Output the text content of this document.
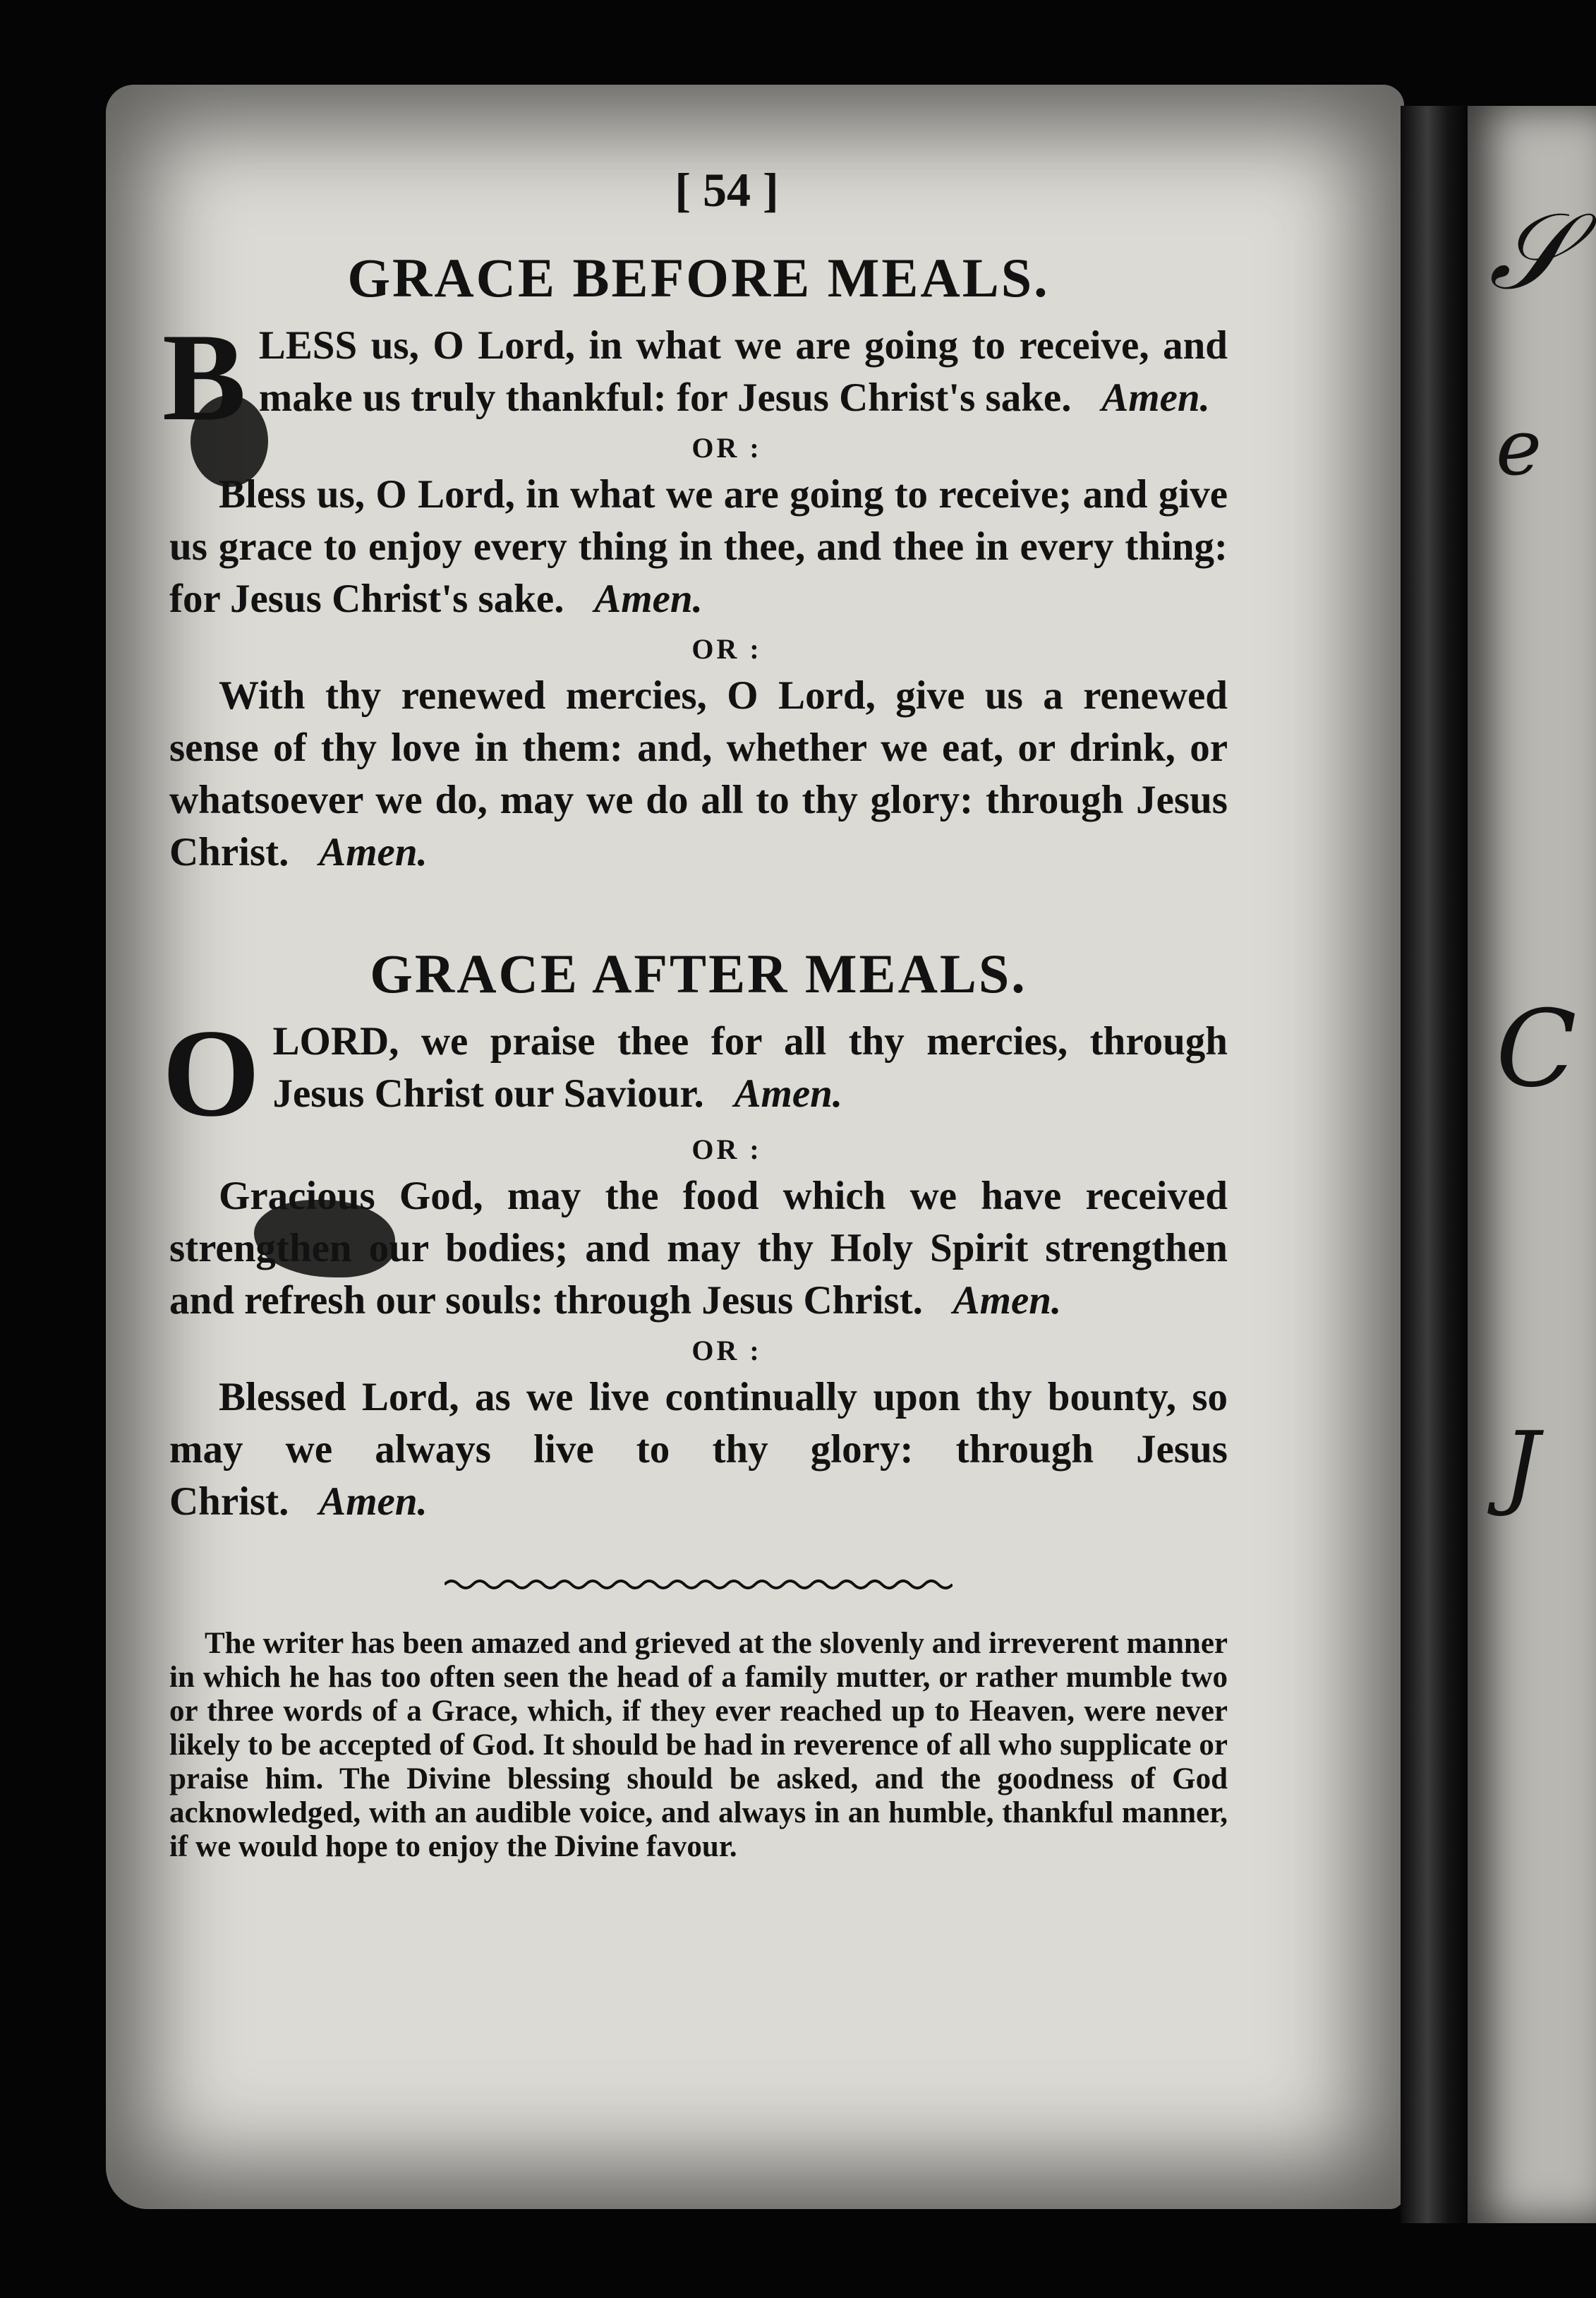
𝒮
e
C
J
[ 54 ]
GRACE BEFORE MEALS.

BLESS us, O Lord, in what we are going to receive, and make us truly thankful: for Jesus Christ's sake. Amen.

OR :

Bless us, O Lord, in what we are going to receive; and give us grace to enjoy every thing in thee, and thee in every thing: for Jesus Christ's sake. Amen.

OR :

With thy renewed mercies, O Lord, give us a renewed sense of thy love in them: and, whether we eat, or drink, or whatsoever we do, may we do all to thy glory: through Jesus Christ. Amen.

GRACE AFTER MEALS.

OLORD, we praise thee for all thy mercies, through Jesus Christ our Saviour. Amen.

OR :

Gracious God, may the food which we have received strengthen our bodies; and may thy Holy Spirit strengthen and refresh our souls: through Jesus Christ. Amen.

OR :

Blessed Lord, as we live continually upon thy bounty, so may we always live to thy glory: through Jesus Christ. Amen.

The writer has been amazed and grieved at the slovenly and irreverent manner in which he has too often seen the head of a family mutter, or rather mumble two or three words of a Grace, which, if they ever reached up to Heaven, were never likely to be accepted of God. It should be had in reverence of all who supplicate or praise him. The Divine blessing should be asked, and the goodness of God acknowledged, with an audible voice, and always in an humble, thankful manner, if we would hope to enjoy the Divine favour.
